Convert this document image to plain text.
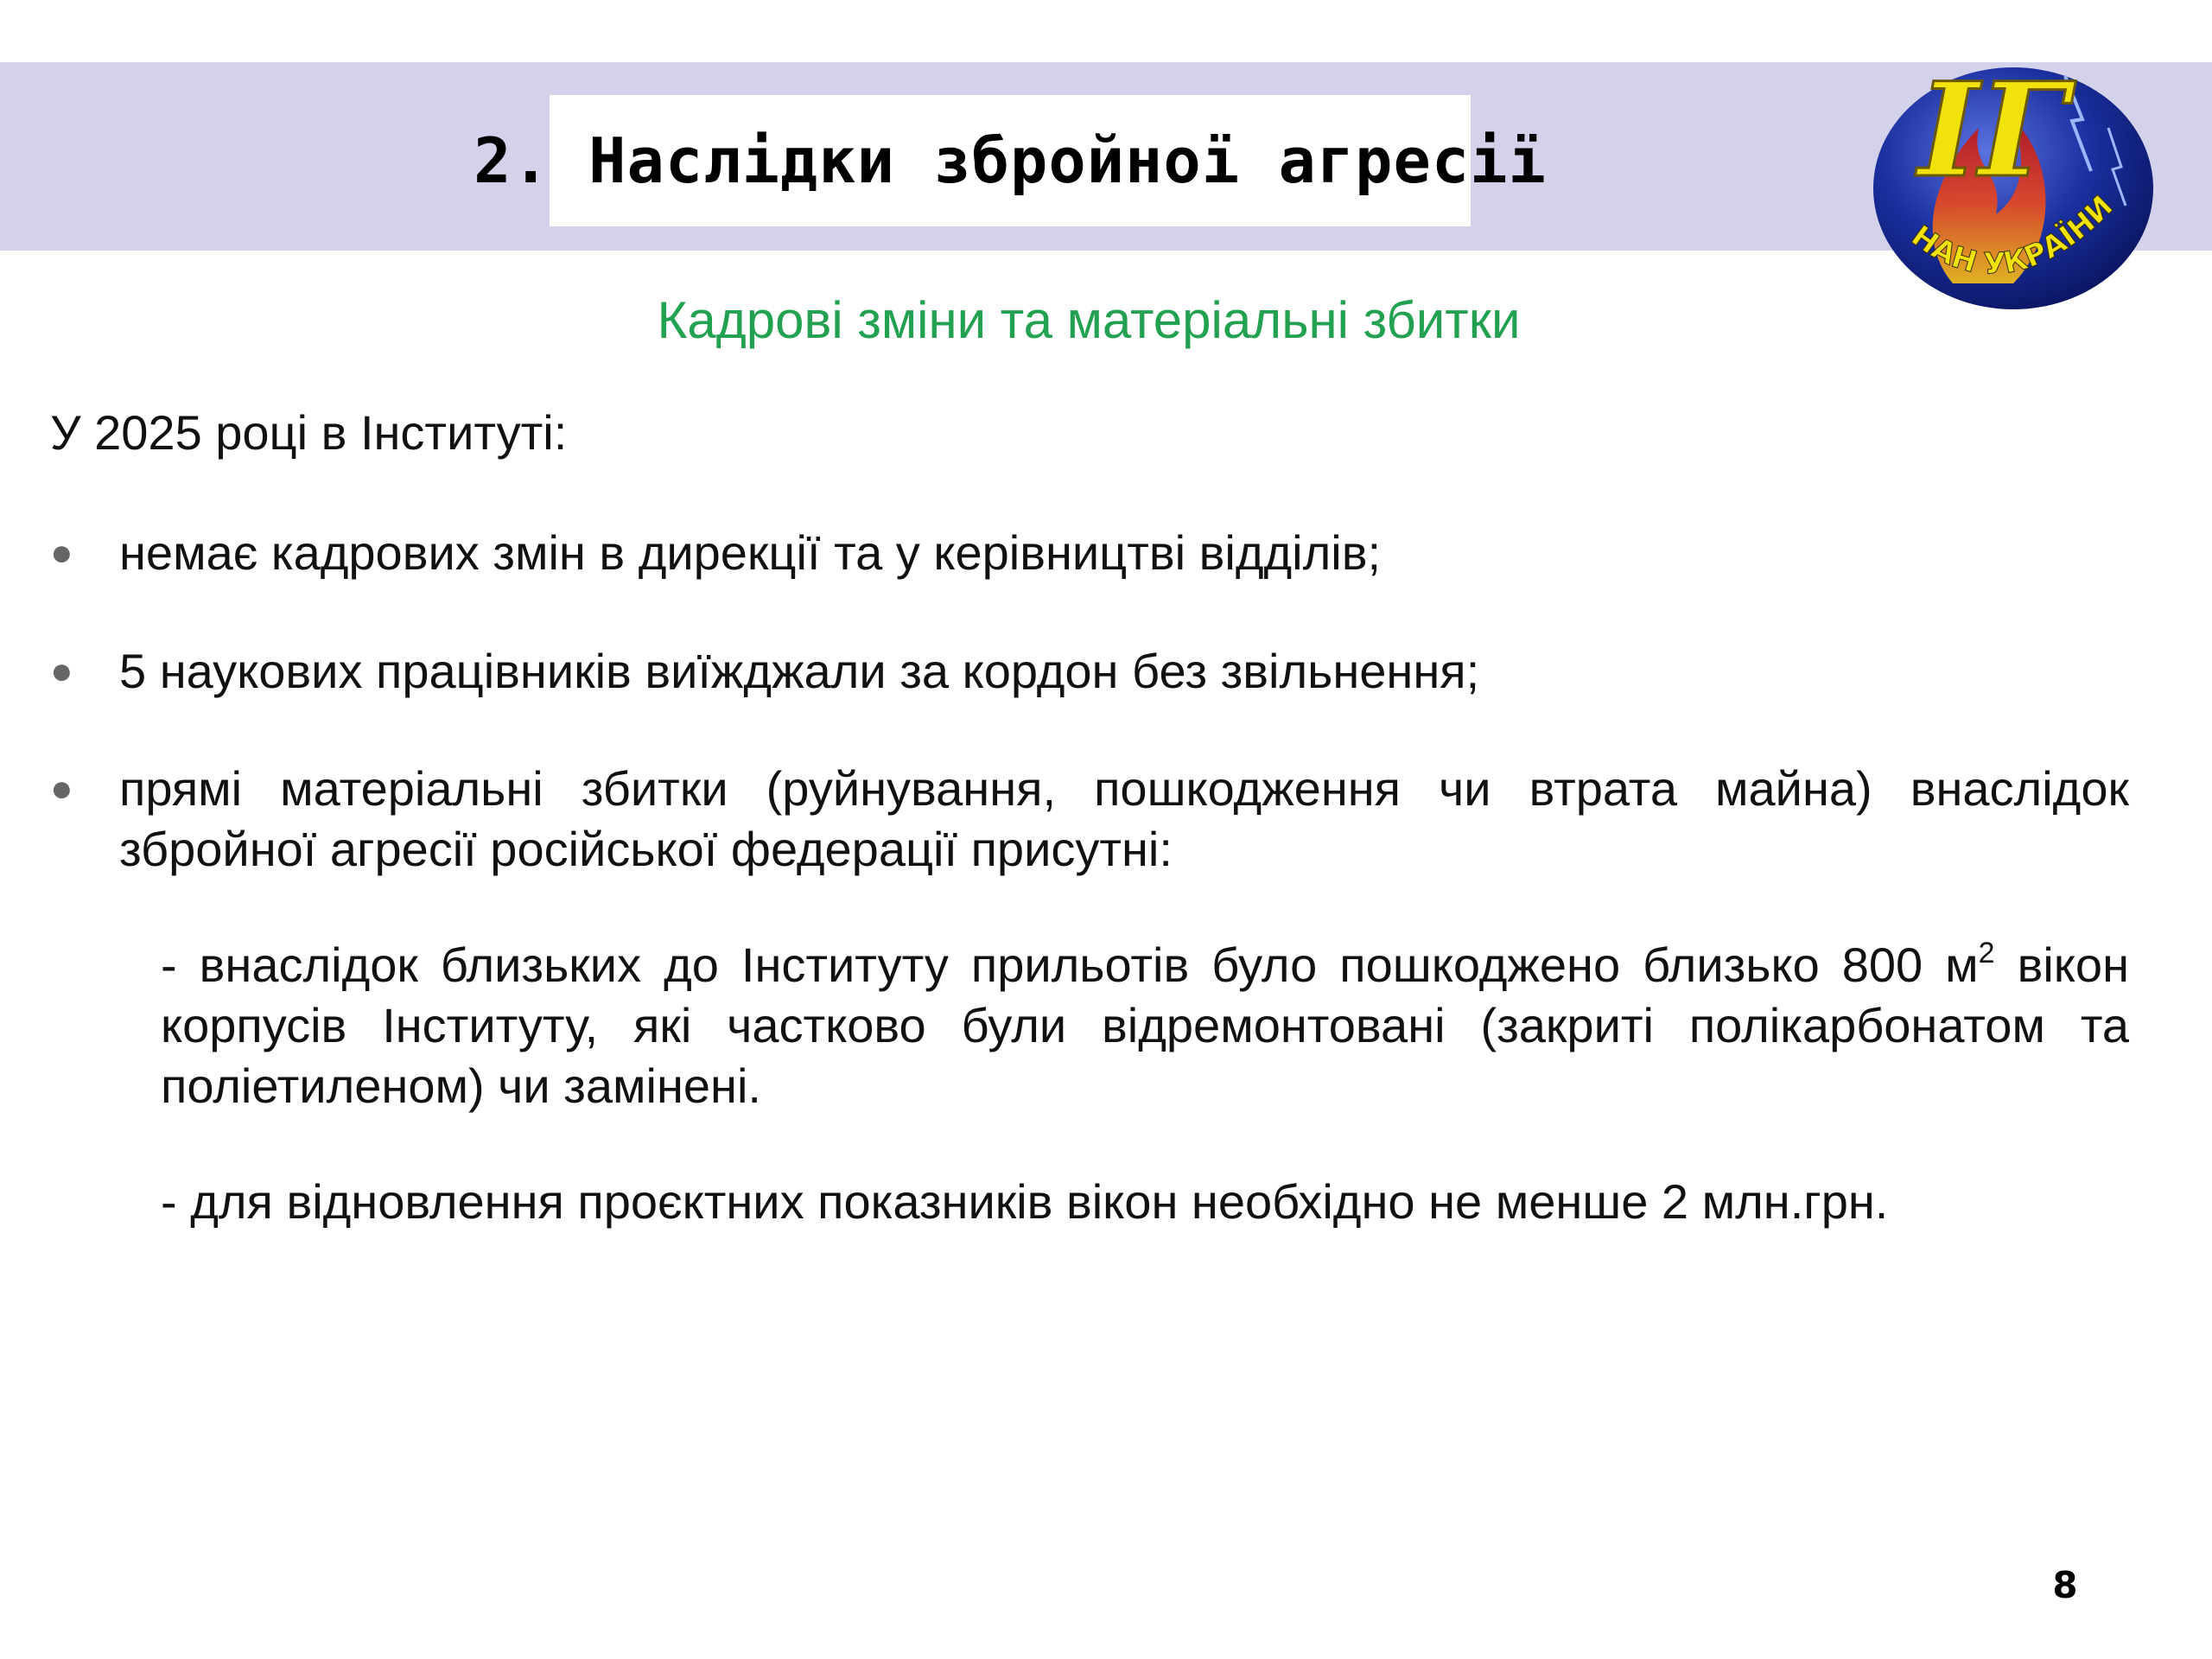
2. Наслідки збройної агресії	ІГ
НАН УКРАЇНИ
Кадрові зміни та матеріальні збитки
У 2025 році в Інституті:
● немає кадрових змін в дирекції та у керівництві відділів;
● 5 наукових працівників виїжджали за кордон без звільнення;
● прямі матеріальні збитки (руйнування, пошкодження чи втрата майна) внаслідок збройної агресії російської федерації присутні:
- внаслідок близьких до Інституту прильотів було пошкоджено близько 800 $м^2$ вікон корпусів Інституту, які частково були відремонтовані (закриті полікарбонатом та поліетиленом) чи замінені.
- для відновлення проєктних показників вікон необхідно не менше 2 млн.грн.
8
